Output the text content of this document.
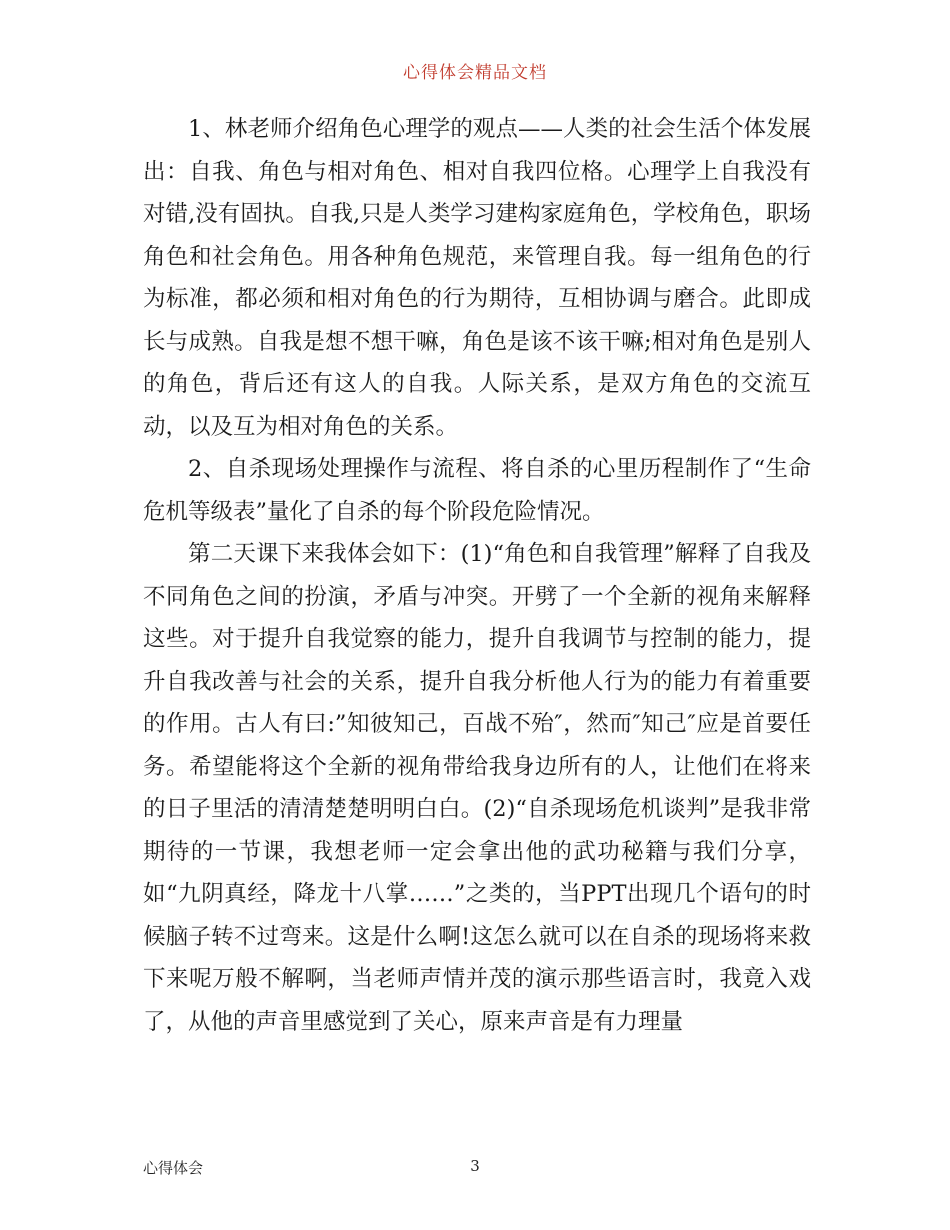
心得体会精品文档

1、林老师介绍角色心理学的观点——人类的社会生活个体发展出：自我、角色与相对角色、相对自我四位格。心理学上自我没有对错,没有固执。自我,只是人类学习建构家庭角色，学校角色，职场角色和社会角色。用各种角色规范，来管理自我。每一组角色的行为标准，都必须和相对角色的行为期待，互相协调与磨合。此即成长与成熟。自我是想不想干嘛，角色是该不该干嘛;相对角色是别人的角色，背后还有这人的自我。人际关系，是双方角色的交流互动，以及互为相对角色的关系。

2、自杀现场处理操作与流程、将自杀的心里历程制作了“生命危机等级表”量化了自杀的每个阶段危险情况。

第二天课下来我体会如下：(1)“角色和自我管理”解释了自我及不同角色之间的扮演，矛盾与冲突。开劈了一个全新的视角来解释这些。对于提升自我觉察的能力，提升自我调节与控制的能力，提升自我改善与社会的关系，提升自我分析他人行为的能力有着重要的作用。古人有曰:”知彼知己，百战不殆″，然而″知己″应是首要任务。希望能将这个全新的视角带给我身边所有的人，让他们在将来的日子里活的清清楚楚明明白白。(2)“自杀现场危机谈判”是我非常期待的一节课，我想老师一定会拿出他的武功秘籍与我们分享，如“九阴真经，降龙十八掌……”之类的，当PPT出现几个语句的时候脑子转不过弯来。这是什么啊!这怎么就可以在自杀的现场将来救下来呢万般不解啊，当老师声情并茂的演示那些语言时，我竟入戏了，从他的声音里感觉到了关心，原来声音是有力理量

心得体会	3
